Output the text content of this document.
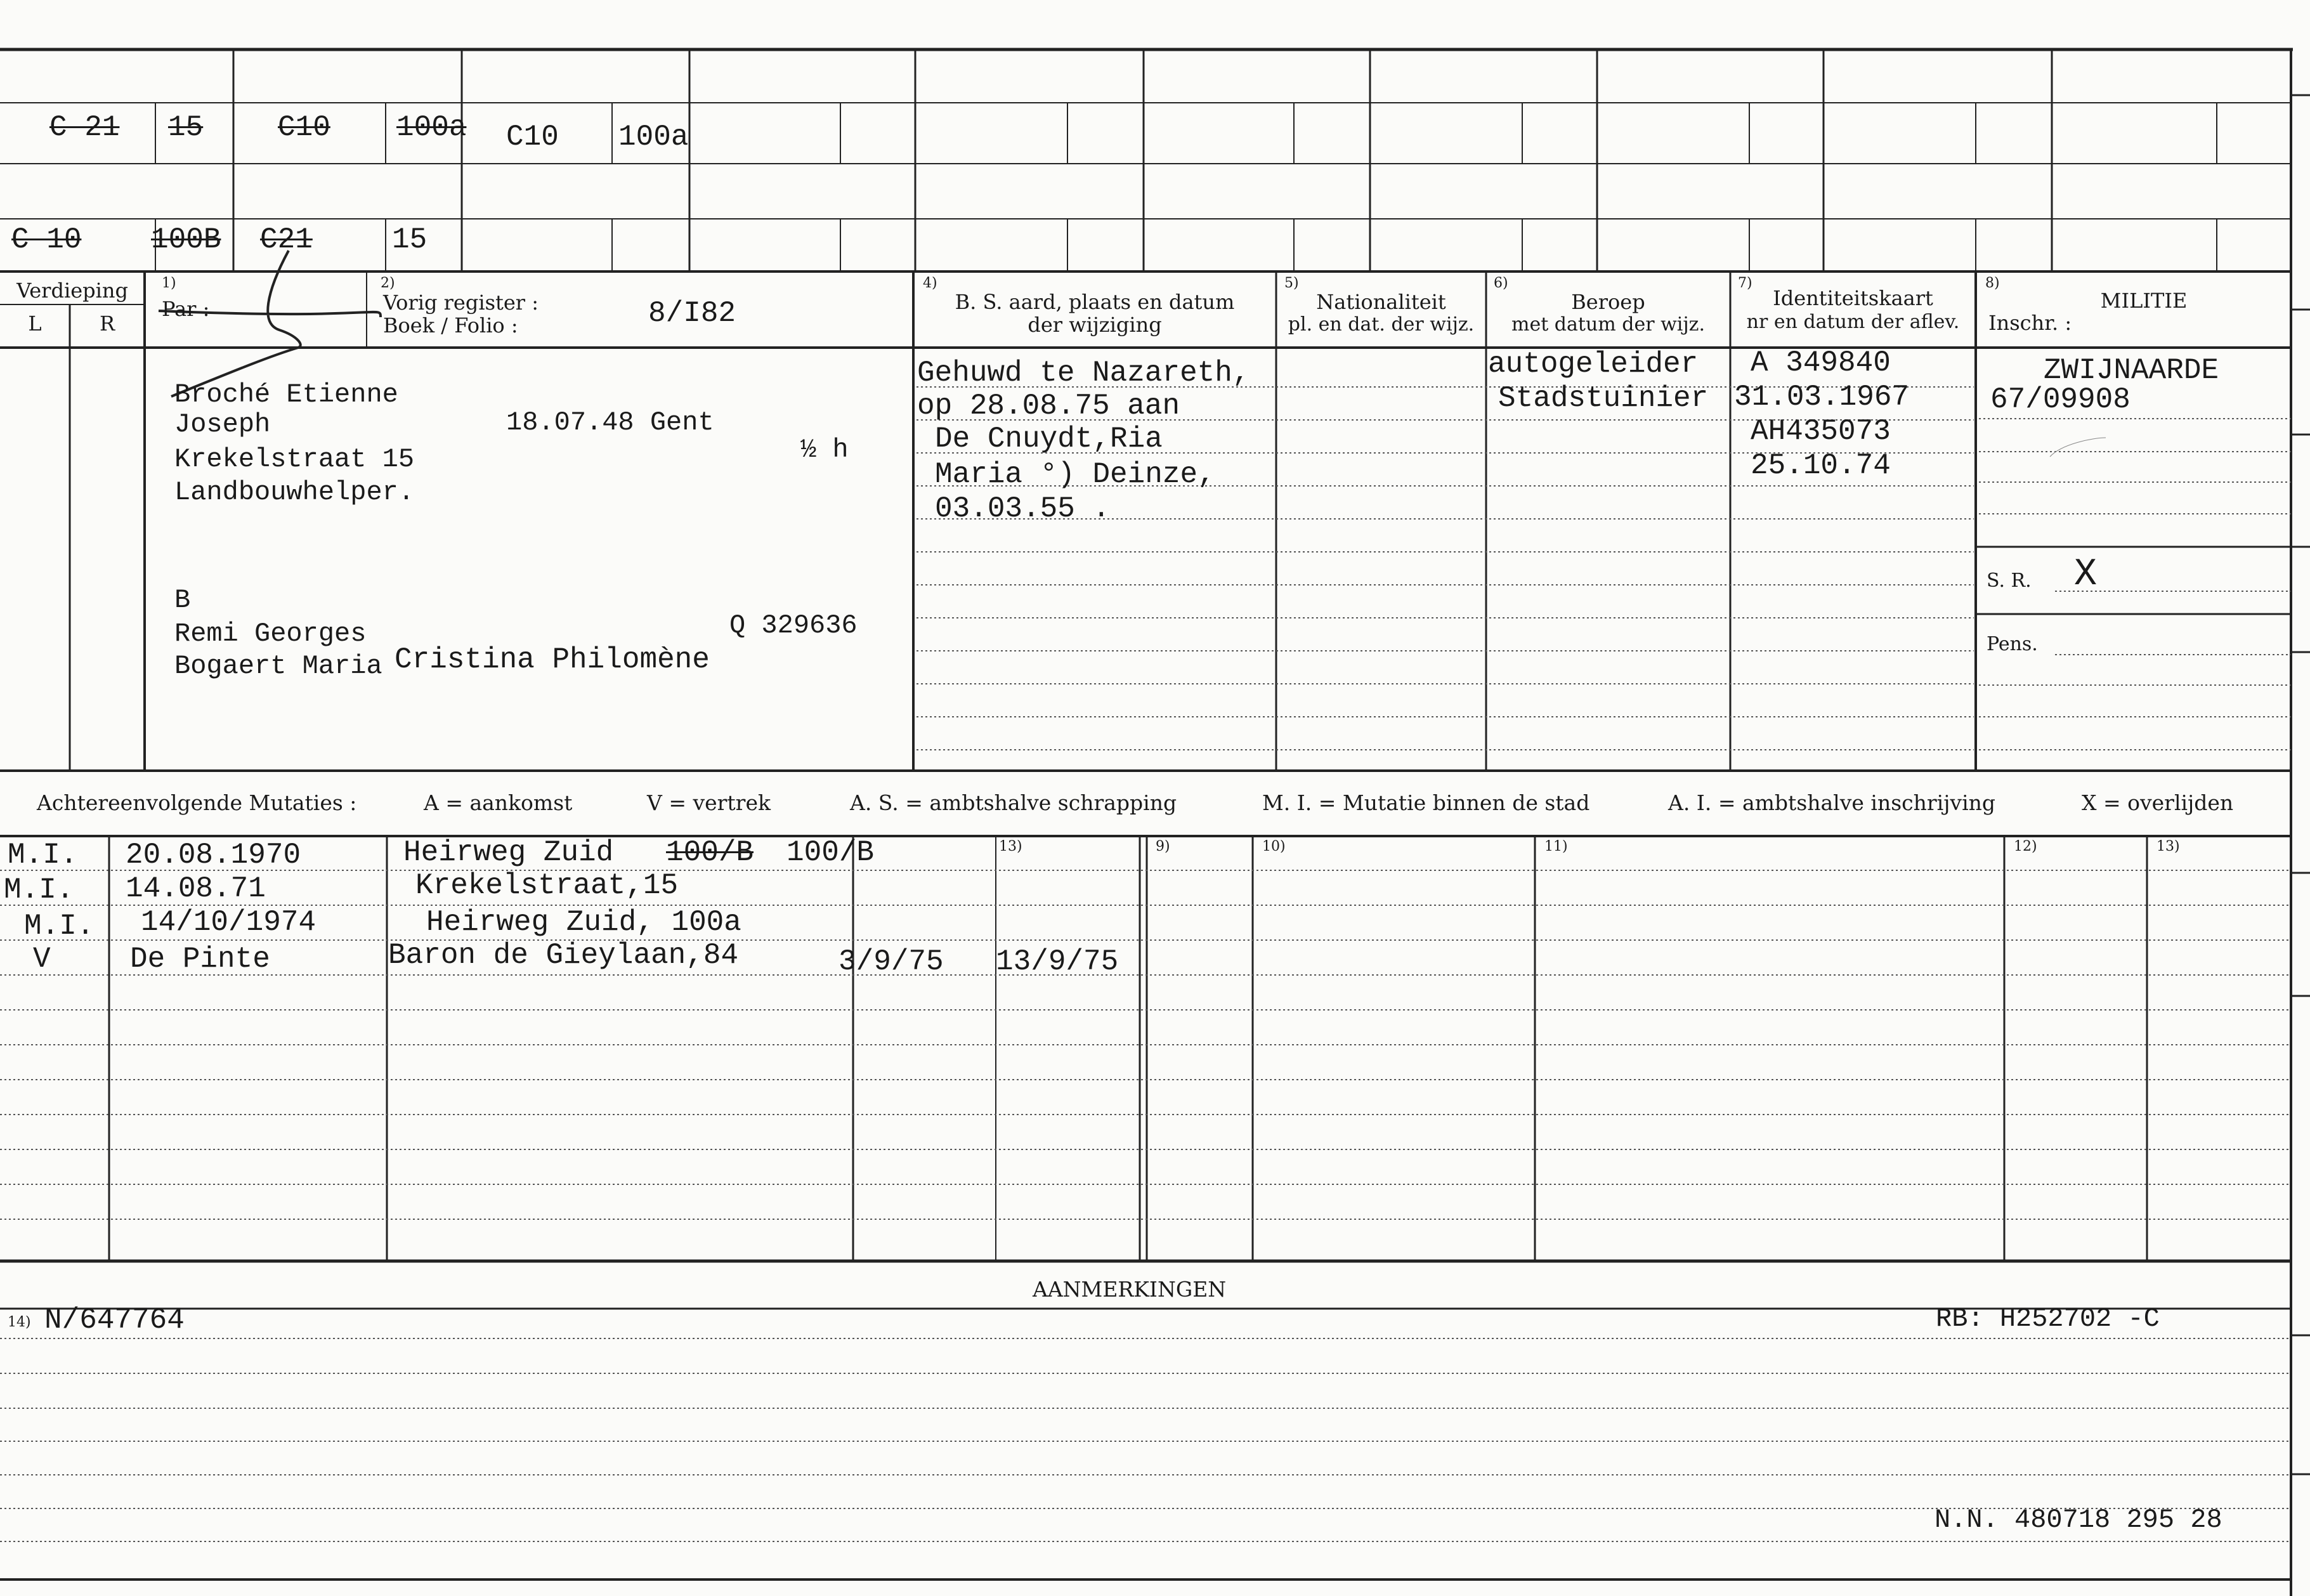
C 21 15	C10 100a C10 100a
C 10 100B C21	15
Verdieping
L	R
1)
Par :
2)
Vorig register :
Boek / Folio :	8/I82
4)
B. S. aard, plaats en datum
der wijziging
5)
Nationaliteit
pl. en dat. der wijz.
6)
Beroep
met datum der wijz.
7)
Identiteitskaart
nr en datum der aflev.
8)
MILITIE
Inschr. :
Broché Etienne
Joseph	18.07.48 Gent
Krekelstraat 15	½ h
Landbouwhelper.
B
Remi Georges	Q 329636
Bogaert Maria Cristina Philomène
Gehuwd te Nazareth,
op 28.08.75 aan
De Cnuydt,Ria
Maria °) Deinze,
03.03.55 .
autogeleider
Stadstuinier
A 349840
31.03.1967
AH435073
25.10.74
ZWIJNAARDE
67/09908
S. R. X
Pens.
Achtereenvolgende Mutaties :	A = aankomst	V = vertrek	A. S. = ambtshalve schrapping	M. I. = Mutatie binnen de stad	A. I. = ambtshalve inschrijving	X = overlijden
13)	9)	10)	11)	12)	13)
M.I. 20.08.1970	Heirweg Zuid 100/B 100/B
M.I. 14.08.71	Krekelstraat,15
M.I. 14/10/1974	Heirweg Zuid, 100a
V	De Pinte	Baron de Gieylaan,84	3/9/75 13/9/75
AANMERKINGEN
14) N/647764	RB: H252702 -C
N.N. 480718 295 28
